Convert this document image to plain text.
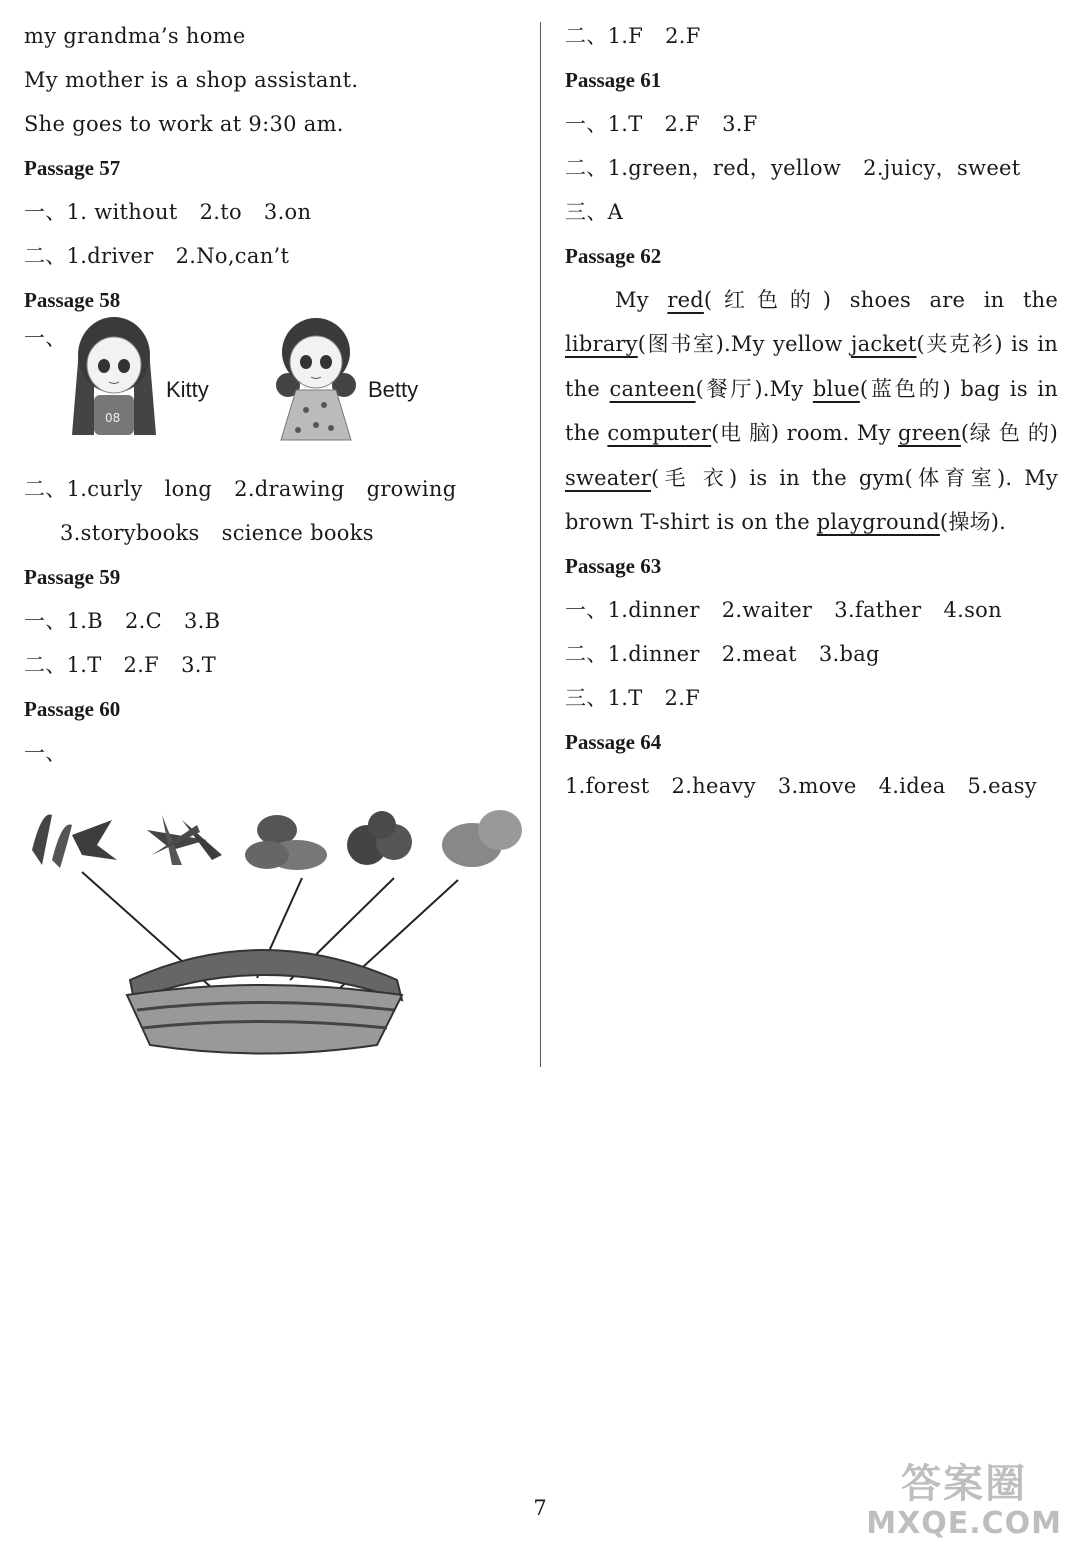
my grandma’s home
My mother is a shop assistant.
She goes to work at 9:30 am.
Passage 57
一、1. without 2.to 3.on
二、1.driver 2.No,can’t
Passage 58
一、
08
Kitty	Betty
二、1.curly long 2.drawing growing
3.storybooks science books
Passage 59
一、1.B 2.C 3.B
二、1.T 2.F 3.T
Passage 60
一、
二、1.F 2.F
Passage 61
一、1.T 2.F 3.F
二、1.green，red，yellow 2.juicy，sweet
三、A
Passage 62
My red(红色的) shoes are in the library(图书室).My yellow jacket(夹克衫) is in the canteen(餐厅).My blue(蓝色的) bag is in the computer(电 脑) room. My green(绿 色 的) sweater(毛 衣) is in the gym(体育室). My brown T-shirt is on the playground(操场).
Passage 63
一、1.dinner 2.waiter 3.father 4.son
二、1.dinner 2.meat 3.bag
三、1.T 2.F
Passage 64
1.forest 2.heavy 3.move 4.idea 5.easy
7
答案圈
MXQE.COM
